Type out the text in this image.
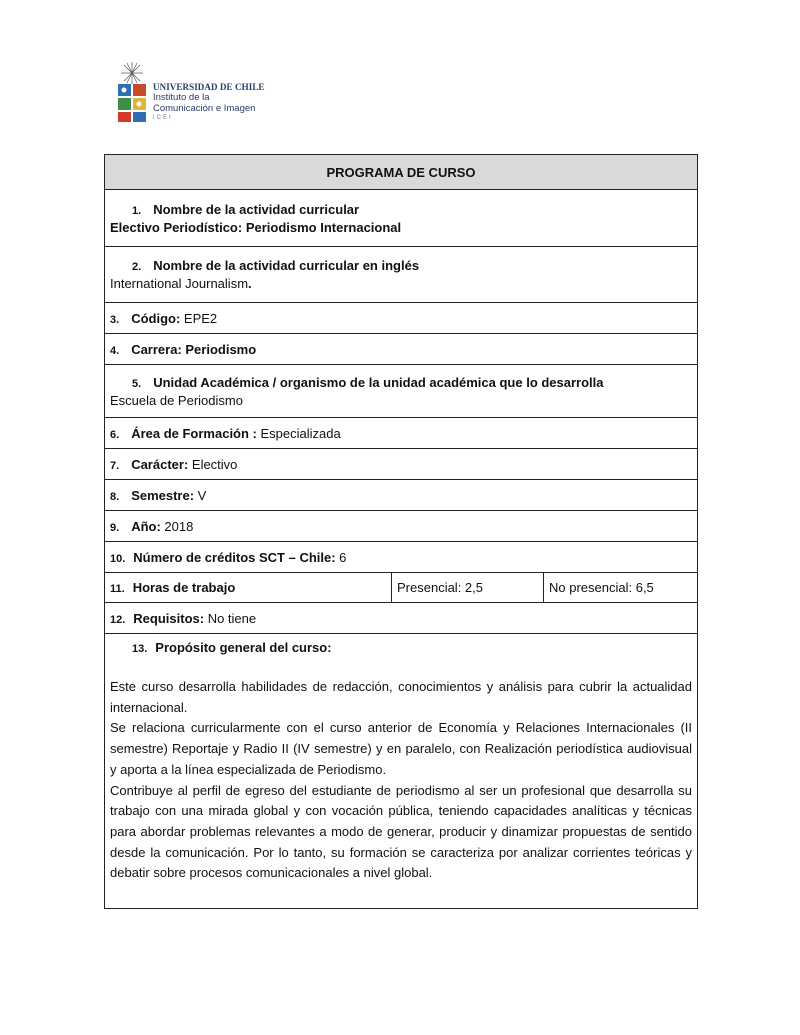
UNIVERSIDAD DE CHILE
Instituto de la
Comunicación e Imagen
ICEI
PROGRAMA DE CURSO

1. Nombre de la actividad curricular
Electivo Periodístico: Periodismo Internacional

2. Nombre de la actividad curricular en inglés
International Journalism.

3. Código: EPE2
4. Carrera: Periodismo

5. Unidad Académica / organismo de la unidad académica que lo desarrolla
Escuela de Periodismo

6. Área de Formación : Especializada
7. Carácter: Electivo
8. Semestre: V
9. Año: 2018
10. Número de créditos SCT – Chile: 6
11. Horas de trabajo	Presencial: 2,5	No presencial: 6,5
12. Requisitos: No tiene

13. Propósito general del curso:
Este curso desarrolla habilidades de redacción, conocimientos y análisis para cubrir la actualidad internacional.
Se relaciona curricularmente con el curso anterior de Economía y Relaciones Internacionales (II semestre) Reportaje y Radio II (IV semestre) y en paralelo, con Realización periodística audiovisual y aporta a la línea especializada de Periodismo.
Contribuye al perfil de egreso del estudiante de periodismo al ser un profesional que desarrolla su trabajo con una mirada global y con vocación pública, teniendo capacidades analíticas y técnicas para abordar problemas relevantes a modo de generar, producir y dinamizar propuestas de sentido desde la comunicación. Por lo tanto, su formación se caracteriza por analizar corrientes teóricas y debatir sobre procesos comunicacionales a nivel global.
